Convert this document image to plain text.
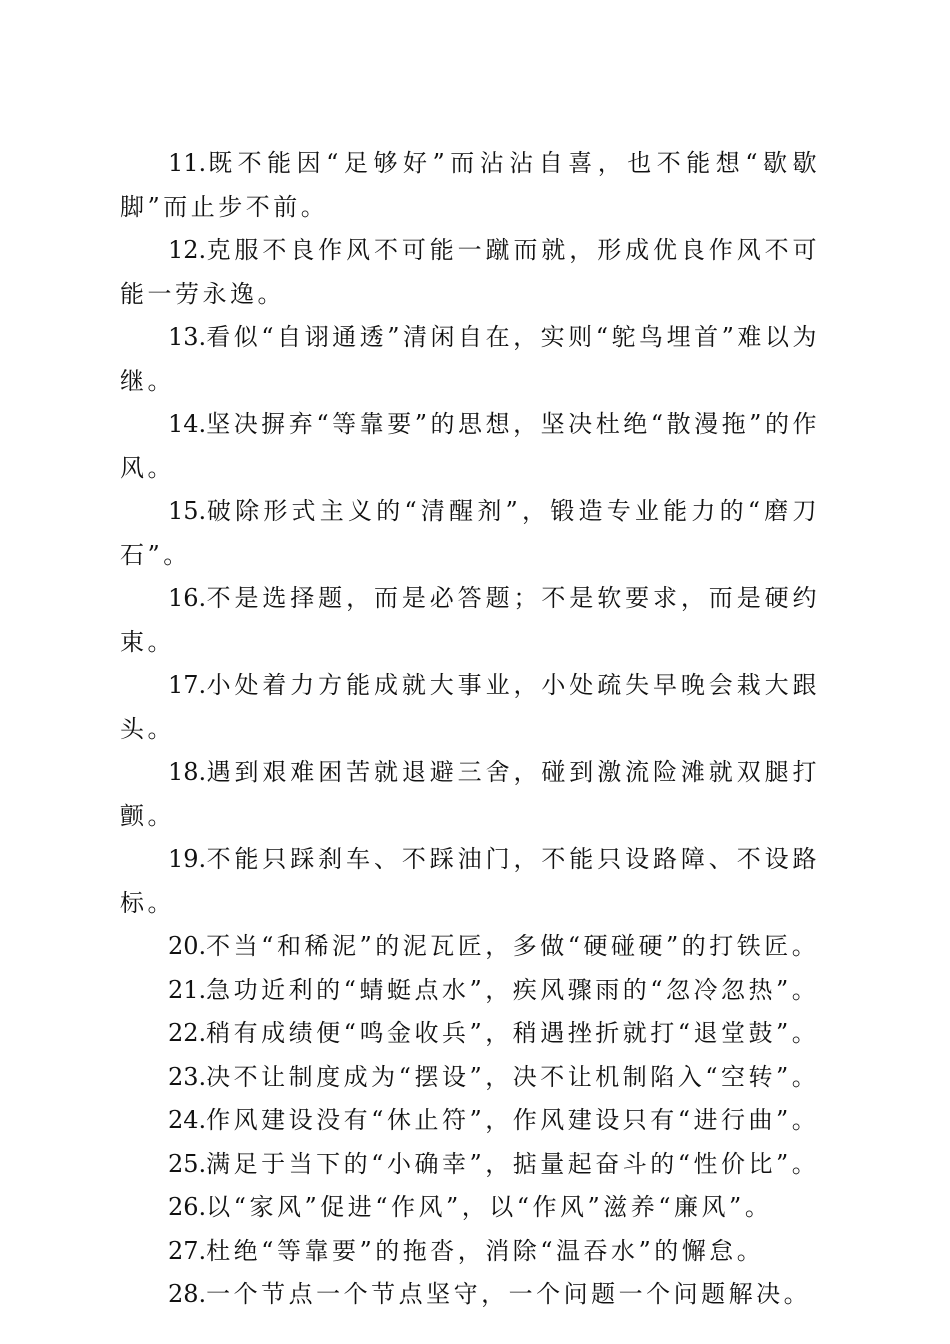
11.既不能因“足够好”而沾沾自喜，也不能想“歇歇脚”而止步不前。

12.克服不良作风不可能一蹴而就，形成优良作风不可能一劳永逸。

13.看似“自诩通透”清闲自在，实则“鸵鸟埋首”难以为继。

14.坚决摒弃“等靠要”的思想，坚决杜绝“散漫拖”的作风。

15.破除形式主义的“清醒剂”，锻造专业能力的“磨刀石”。

16.不是选择题，而是必答题；不是软要求，而是硬约束。

17.小处着力方能成就大事业，小处疏失早晚会栽大跟头。

18.遇到艰难困苦就退避三舍，碰到激流险滩就双腿打颤。

19.不能只踩刹车、不踩油门，不能只设路障、不设路标。

20.不当“和稀泥”的泥瓦匠，多做“硬碰硬”的打铁匠。

21.急功近利的“蜻蜓点水”，疾风骤雨的“忽冷忽热”。

22.稍有成绩便“鸣金收兵”，稍遇挫折就打“退堂鼓”。

23.决不让制度成为“摆设”，决不让机制陷入“空转”。

24.作风建设没有“休止符”，作风建设只有“进行曲”。

25.满足于当下的“小确幸”，掂量起奋斗的“性价比”。

26.以“家风”促进“作风”，以“作风”滋养“廉风”。

27.杜绝“等靠要”的拖沓，消除“温吞水”的懈怠。

28.一个节点一个节点坚守，一个问题一个问题解决。
